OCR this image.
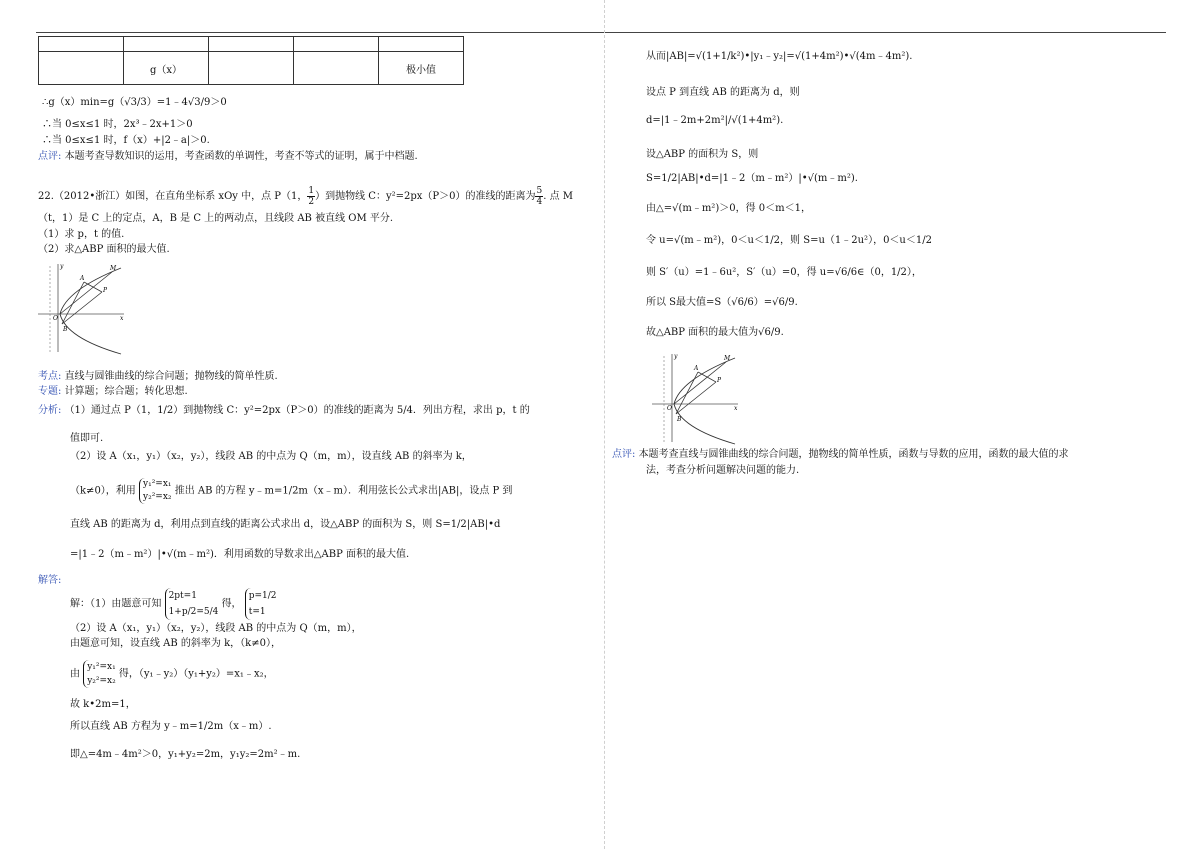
	g（x）			极小值
∴g（x）min=g（√3/3）=1﹣4√3/9＞0
∴当 0≤x≤1 时，2x³﹣2x+1＞0
∴当 0≤x≤1 时，f（x）+|2﹣a|＞0.
点评: 本题考查导数知识的运用，考查函数的单调性，考查不等式的证明，属于中档题.
22.（2012•浙江）如图，在直角坐标系 xOy 中，点 P（1， $\frac{1}{2}$ ）到抛物线 C：y²=2px（P＞0）的准线的距离为 $\frac{5}{4}$ . 点 M
（t，1）是 C 上的定点，A，B 是 C 上的两动点，且线段 AB 被直线 OM 平分.
（1）求 p，t 的值.
（2）求△ABP 面积的最大值.
M
A
P
O
B
x
y
考点: 直线与圆锥曲线的综合问题；抛物线的简单性质.
专题: 计算题；综合题；转化思想.
分析: （1）通过点 P（1，1/2）到抛物线 C：y²=2px（P＞0）的准线的距离为 5/4．列出方程，求出 p，t 的
值即可.
（2）设 A（x₁，y₁）（x₂，y₂），线段 AB 的中点为 Q（m，m），设直线 AB 的斜率为 k，
（k≠0），利用
y₁²=x₁
y₂²=x₂
推出 AB 的方程 y﹣m=1/2m（x﹣m）．利用弦长公式求出|AB|，设点 P 到
直线 AB 的距离为 d，利用点到直线的距离公式求出 d，设△ABP 的面积为 S，则 S=1/2|AB|•d
=|1﹣2（m﹣m²）|•√(m﹣m²)．利用函数的导数求出△ABP 面积的最大值.
解答:
解：（1）由题意可知
2pt=1
1+p/2=5/4
得，
p=1/2
t=1
（2）设 A（x₁，y₁）（x₂，y₂），线段 AB 的中点为 Q（m，m），
由题意可知，设直线 AB 的斜率为 k，（k≠0），
由
y₁²=x₁
y₂²=x₂
得，（y₁﹣y₂）（y₁+y₂）=x₁﹣x₂，
故 k•2m=1，
所以直线 AB 方程为 y﹣m=1/2m（x﹣m）.
即△=4m﹣4m²＞0，y₁+y₂=2m，y₁y₂=2m²﹣m.
从而|AB|=√(1+1/k²)•|y₁﹣y₂|=√(1+4m²)•√(4m﹣4m²).
设点 P 到直线 AB 的距离为 d，则
d=|1﹣2m+2m²|/√(1+4m²).
设△ABP 的面积为 S，则
S=1/2|AB|•d=|1﹣2（m﹣m²）|•√(m﹣m²).
由△=√(m﹣m²)＞0，得 0＜m＜1，
令 u=√(m﹣m²)，0＜u＜1/2，则 S=u（1﹣2u²），0＜u＜1/2
则 S′（u）=1﹣6u²，S′（u）=0，得 u=√6/6∈（0，1/2），
所以 S最大值=S（√6/6）=√6/9.
故△ABP 面积的最大值为√6/9.
M
A
P
O
B
x
y
点评: 本题考查直线与圆锥曲线的综合问题，抛物线的简单性质，函数与导数的应用，函数的最大值的求
法，考查分析问题解决问题的能力.
